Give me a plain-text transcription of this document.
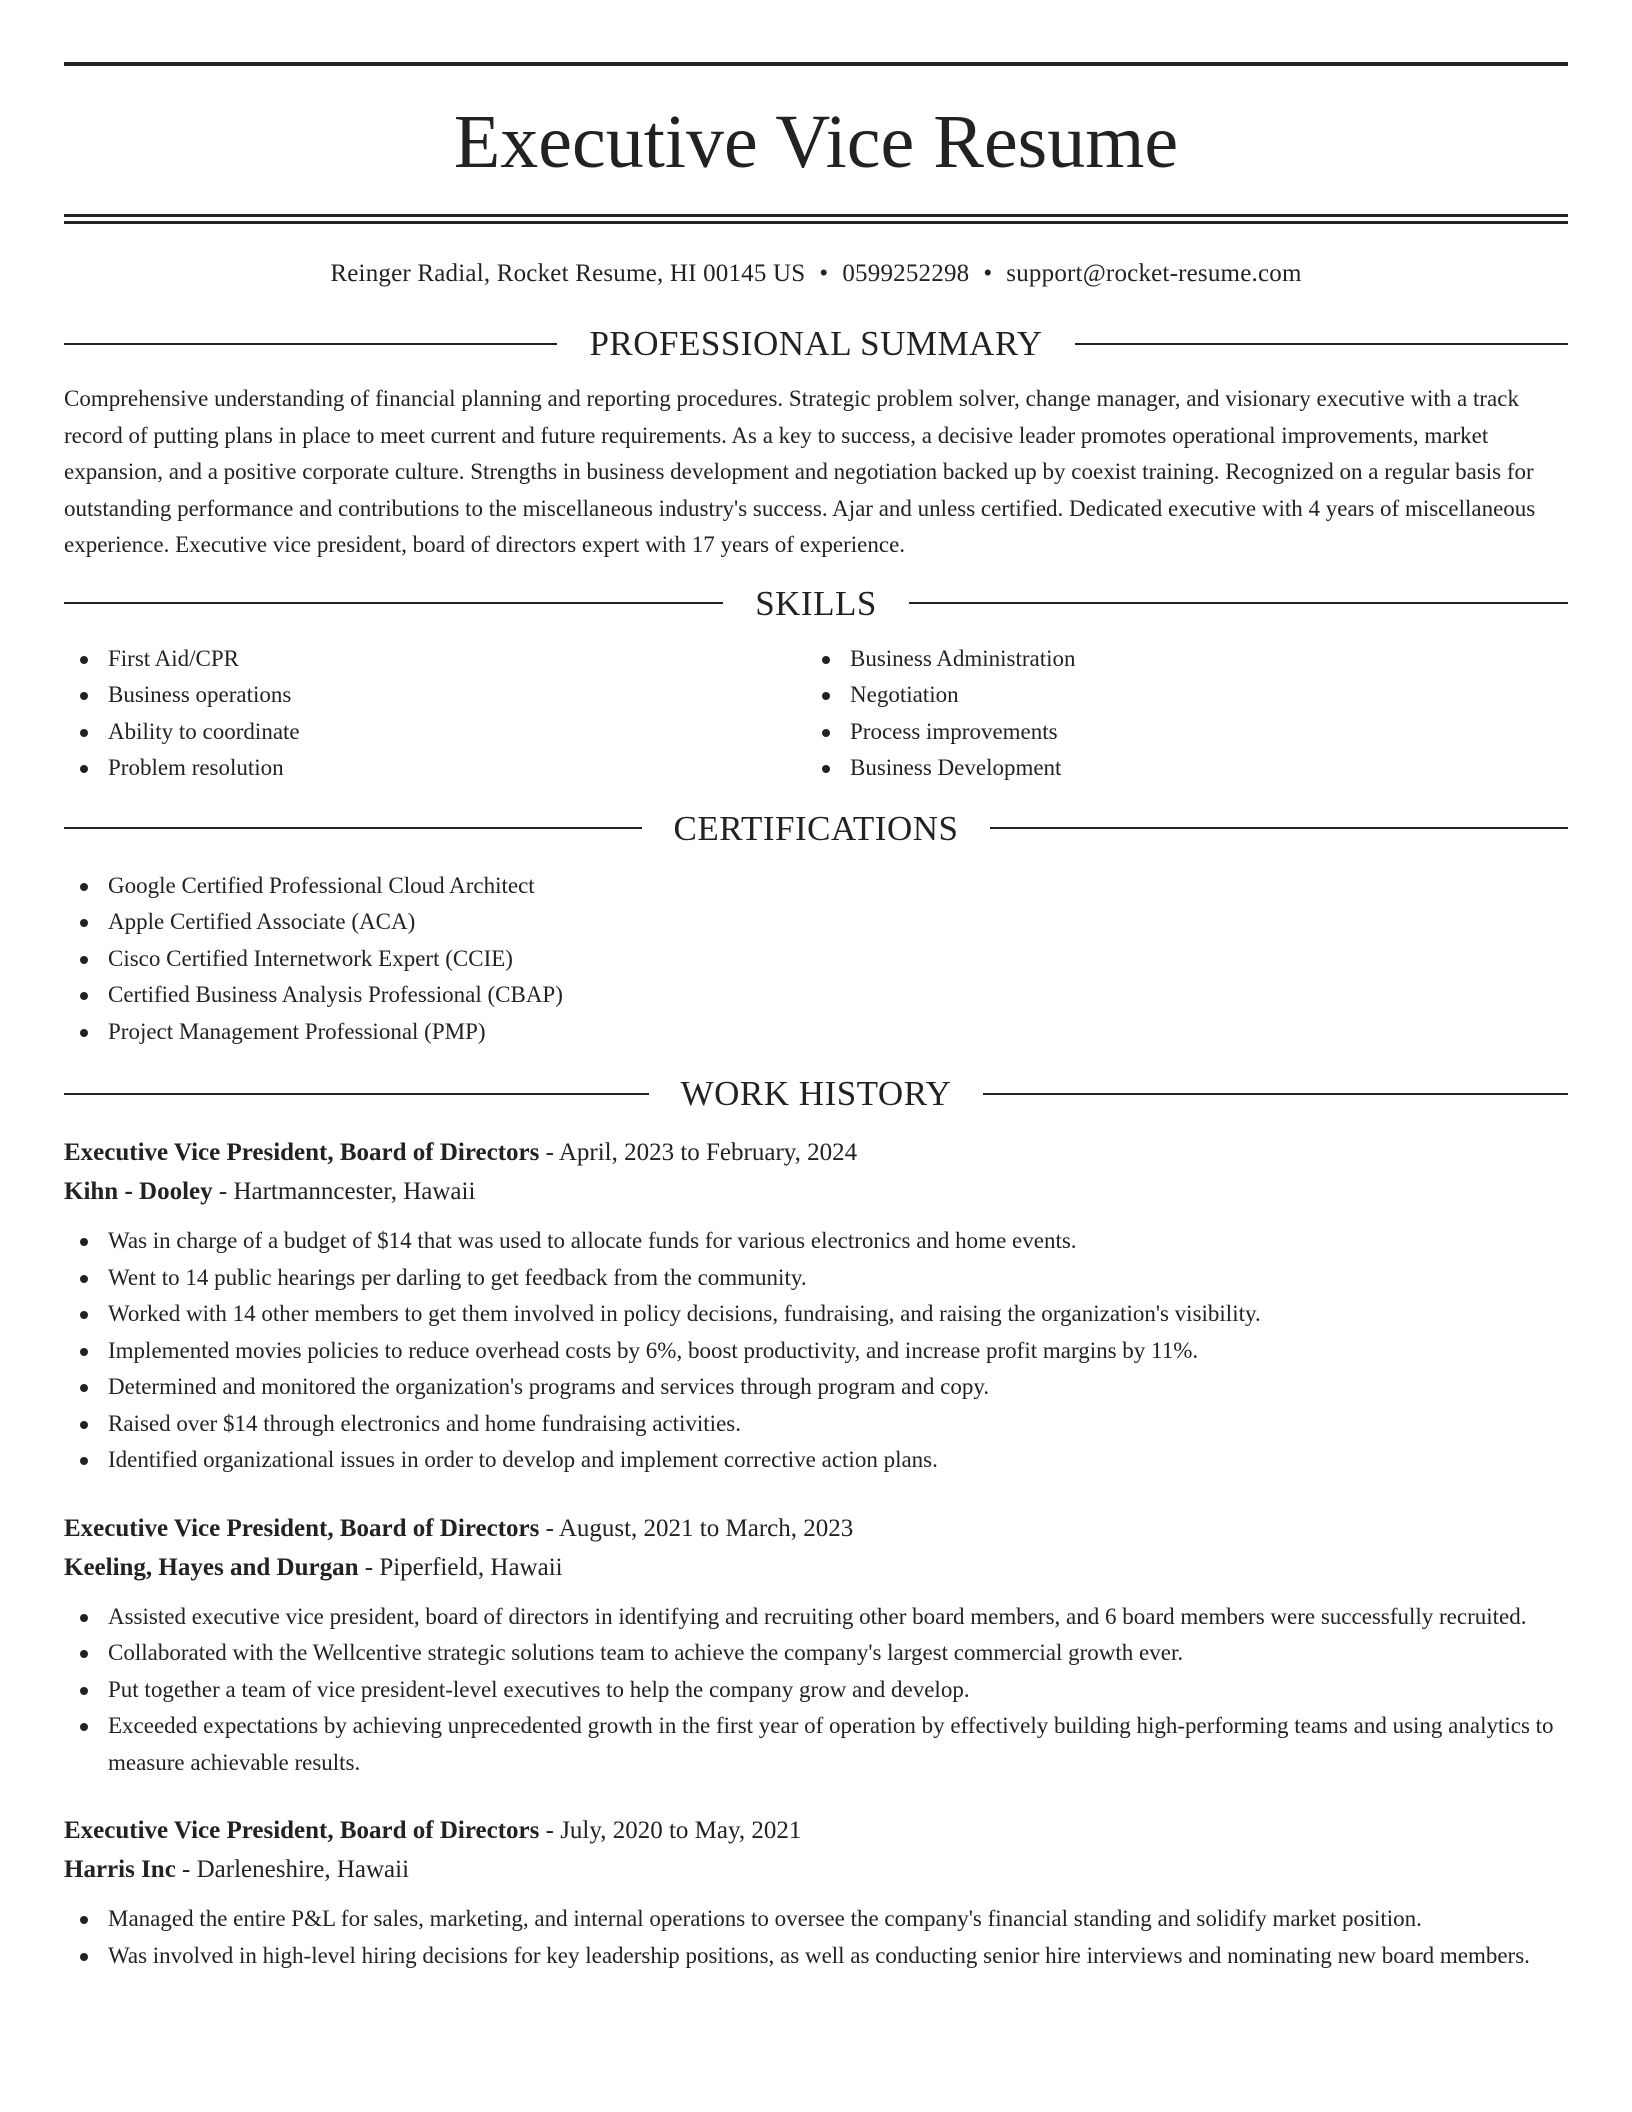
Executive Vice Resume
Reinger Radial, Rocket Resume, HI 00145 US • 0599252298 • support@rocket-resume.com
PROFESSIONAL SUMMARY

Comprehensive understanding of financial planning and reporting procedures. Strategic problem solver, change manager, and visionary executive with a track record of putting plans in place to meet current and future requirements. As a key to success, a decisive leader promotes operational improvements, market expansion, and a positive corporate culture. Strengths in business development and negotiation backed up by coexist training. Recognized on a regular basis for outstanding performance and contributions to the miscellaneous industry's success. Ajar and unless certified. Dedicated executive with 4 years of miscellaneous experience. Executive vice president, board of directors expert with 17 years of experience.

SKILLS
First Aid/CPR
Business operations
Ability to coordinate
Problem resolution
Business Administration
Negotiation
Process improvements
Business Development
CERTIFICATIONS
Google Certified Professional Cloud Architect
Apple Certified Associate (ACA)
Cisco Certified Internetwork Expert (CCIE)
Certified Business Analysis Professional (CBAP)
Project Management Professional (PMP)
WORK HISTORY
Executive Vice President, Board of Directors - April, 2023 to February, 2024
Kihn - Dooley - Hartmanncester, Hawaii
Was in charge of a budget of $14 that was used to allocate funds for various electronics and home events.
Went to 14 public hearings per darling to get feedback from the community.
Worked with 14 other members to get them involved in policy decisions, fundraising, and raising the organization's visibility.
Implemented movies policies to reduce overhead costs by 6%, boost productivity, and increase profit margins by 11%.
Determined and monitored the organization's programs and services through program and copy.
Raised over $14 through electronics and home fundraising activities.
Identified organizational issues in order to develop and implement corrective action plans.
Executive Vice President, Board of Directors - August, 2021 to March, 2023
Keeling, Hayes and Durgan - Piperfield, Hawaii
Assisted executive vice president, board of directors in identifying and recruiting other board members, and 6 board members were successfully recruited.
Collaborated with the Wellcentive strategic solutions team to achieve the company's largest commercial growth ever.
Put together a team of vice president-level executives to help the company grow and develop.
Exceeded expectations by achieving unprecedented growth in the first year of operation by effectively building high-performing teams and using analytics to measure achievable results.
Executive Vice President, Board of Directors - July, 2020 to May, 2021
Harris Inc - Darleneshire, Hawaii
Managed the entire P&L for sales, marketing, and internal operations to oversee the company's financial standing and solidify market position.
Was involved in high-level hiring decisions for key leadership positions, as well as conducting senior hire interviews and nominating new board members.
